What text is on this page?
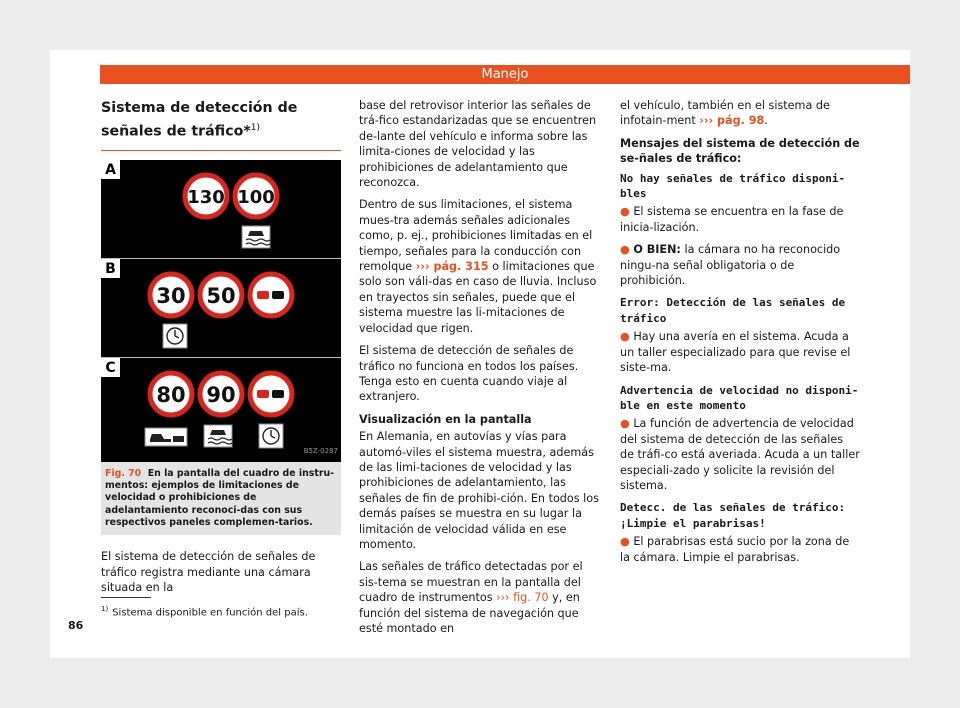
Manejo
Sistema de detección de señales de tráfico*$^{1)}$
A
130 100
B
30 50
C
80 90
B5Z-0287
Fig. 70 En la pantalla del cuadro de instru-mentos: ejemplos de limitaciones de velocidad o prohibiciones de adelantamiento reconoci-das con sus respectivos paneles complemen-tarios.

El sistema de detección de señales de tráfico registra mediante una cámara situada en la

base del retrovisor interior las señales de trá-fico estandarizadas que se encuentren de-lante del vehículo e informa sobre las limita-ciones de velocidad y las prohibiciones de adelantamiento que reconozca.

Dentro de sus limitaciones, el sistema mues-tra además señales adicionales como, p. ej., prohibiciones limitadas en el tiempo, señales para la conducción con remolque ››› pág. 315 o limitaciones que solo son váli-das en caso de lluvia. Incluso en trayectos sin señales, puede que el sistema muestre las li-mitaciones de velocidad que rigen.

El sistema de detección de señales de tráfico no funciona en todos los países. Tenga esto en cuenta cuando viaje al extranjero.

Visualización en la pantalla

En Alemania, en autovías y vías para automó-viles el sistema muestra, además de las limi-taciones de velocidad y las prohibiciones de adelantamiento, las señales de fin de prohibi-ción. En todos los demás países se muestra en su lugar la limitación de velocidad válida en ese momento.

Las señales de tráfico detectadas por el sis-tema se muestran en la pantalla del cuadro de instrumentos ››› fig. 70 y, en función del sistema de navegación que esté montado en

el vehículo, también en el sistema de infotain-ment ››› pág. 98.

Mensajes del sistema de detección de se-ñales de tráfico:
No hay señales de tráfico disponi-bles

● El sistema se encuentra en la fase de inicia-lización.

● O BIEN: la cámara no ha reconocido ningu-na señal obligatoria o de prohibición.

Error: Detección de las señales de tráfico

● Hay una avería en el sistema. Acuda a un taller especializado para que revise el siste-ma.

Advertencia de velocidad no disponi-ble en este momento

● La función de advertencia de velocidad del sistema de detección de las señales de tráfi-co está averiada. Acuda a un taller especiali-zado y solicite la revisión del sistema.

Detecc. de las señales de tráfico: ¡Limpie el parabrisas!

● El parabrisas está sucio por la zona de la cámara. Limpie el parabrisas.

$^{1)}$ Sistema disponible en función del país.
86
